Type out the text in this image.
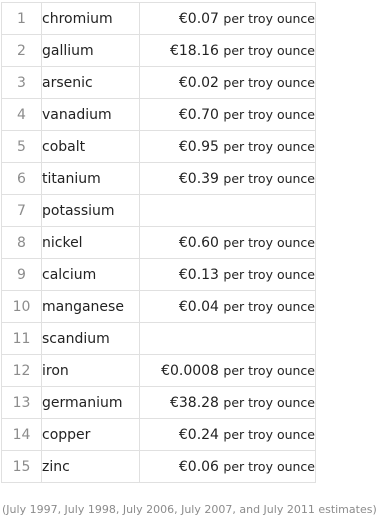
1	chromium	€0.07 per troy ounce
2	gallium	€18.16 per troy ounce
3	arsenic	€0.02 per troy ounce
4	vanadium	€0.70 per troy ounce
5	cobalt	€0.95 per troy ounce
6	titanium	€0.39 per troy ounce
7	potassium	
8	nickel	€0.60 per troy ounce
9	calcium	€0.13 per troy ounce
10	manganese	€0.04 per troy ounce
11	scandium	
12	iron	€0.0008 per troy ounce
13	germanium	€38.28 per troy ounce
14	copper	€0.24 per troy ounce
15	zinc	€0.06 per troy ounce
(July 1997, July 1998, July 2006, July 2007, and July 2011 estimates)
